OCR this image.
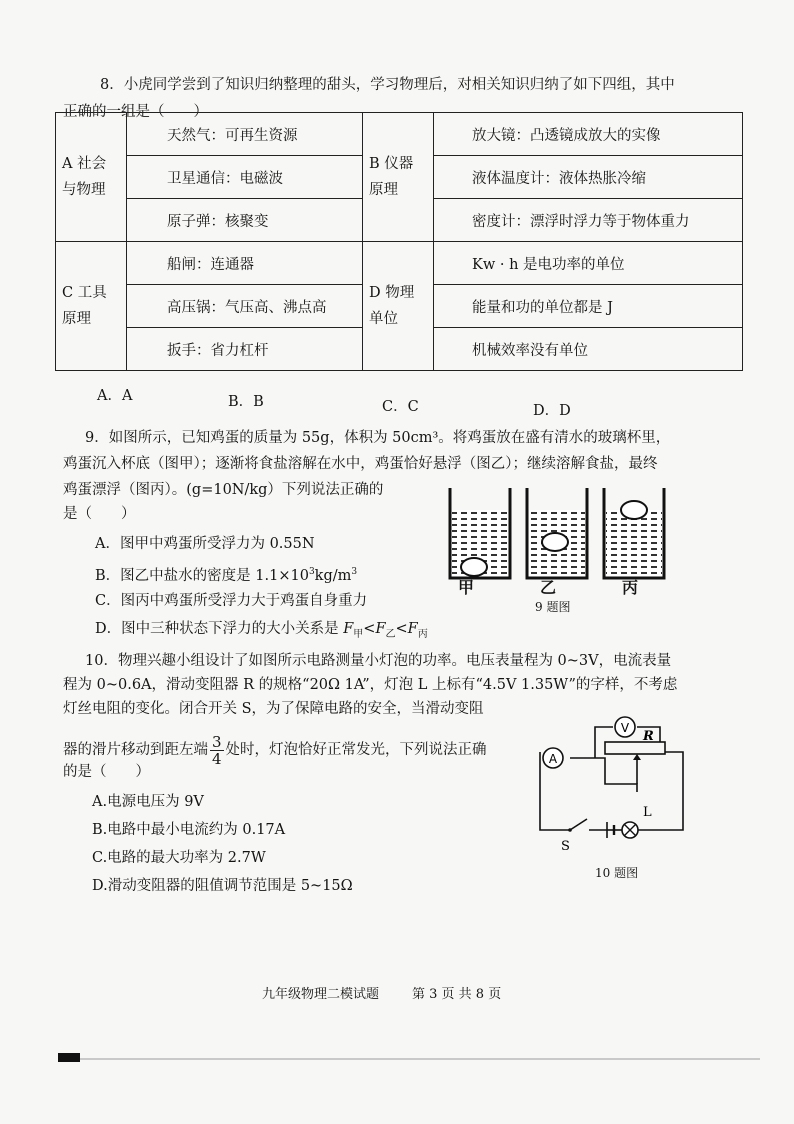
8．小虎同学尝到了知识归纳整理的甜头，学习物理后，对相关知识归纳了如下四组，其中
正确的一组是（　　）
A 社会与物理	天然气：可再生资源	B 仪器原理	放大镜：凸透镜成放大的实像
	卫星通信：电磁波		液体温度计：液体热胀冷缩
	原子弹：核聚变		密度计：漂浮时浮力等于物体重力
C 工具原理	船闸：连通器	D 物理单位	Kw · h 是电功率的单位
	高压锅：气压高、沸点高		能量和功的单位都是 J
	扳手：省力杠杆		机械效率没有单位
A．A	B．B	C．C	D．D
9．如图所示，已知鸡蛋的质量为 55g，体积为 50cm³。将鸡蛋放在盛有清水的玻璃杯里，
鸡蛋沉入杯底（图甲）；逐渐将食盐溶解在水中，鸡蛋恰好悬浮（图乙）；继续溶解食盐，最终
鸡蛋漂浮（图丙）。(g=10N/kg）下列说法正确的
是（　　）
A．图甲中鸡蛋所受浮力为 0.55N
B．图乙中盐水的密度是 $1.1\times 10^3kg/m^3$
C．图丙中鸡蛋所受浮力大于鸡蛋自身重力
D．图中三种状态下浮力的大小关系是 $F_甲<F_乙<F_丙$
甲	乙	丙
9 题图
10．物理兴趣小组设计了如图所示电路测量小灯泡的功率。电压表量程为 0~3V，电流表量
程为 0~0.6A，滑动变阻器 R 的规格“20Ω 1A”，灯泡 L 上标有“4.5V 1.35W”的字样，不考虑
灯丝电阻的变化。闭合开关 S，为了保障电路的安全，当滑动变阻
器的滑片移动到距左端 $\frac{3}{4}$ 处时，灯泡恰好正常发光，下列说法正确
的是（　　）
A.电源电压为 9V
B.电路中最小电流约为 0.17A
C.电路的最大功率为 2.7W
D.滑动变阻器的阻值调节范围是 5~15Ω
A
V
R
L
S
10 题图
九年级物理二模试题	第 3 页 共 8 页
